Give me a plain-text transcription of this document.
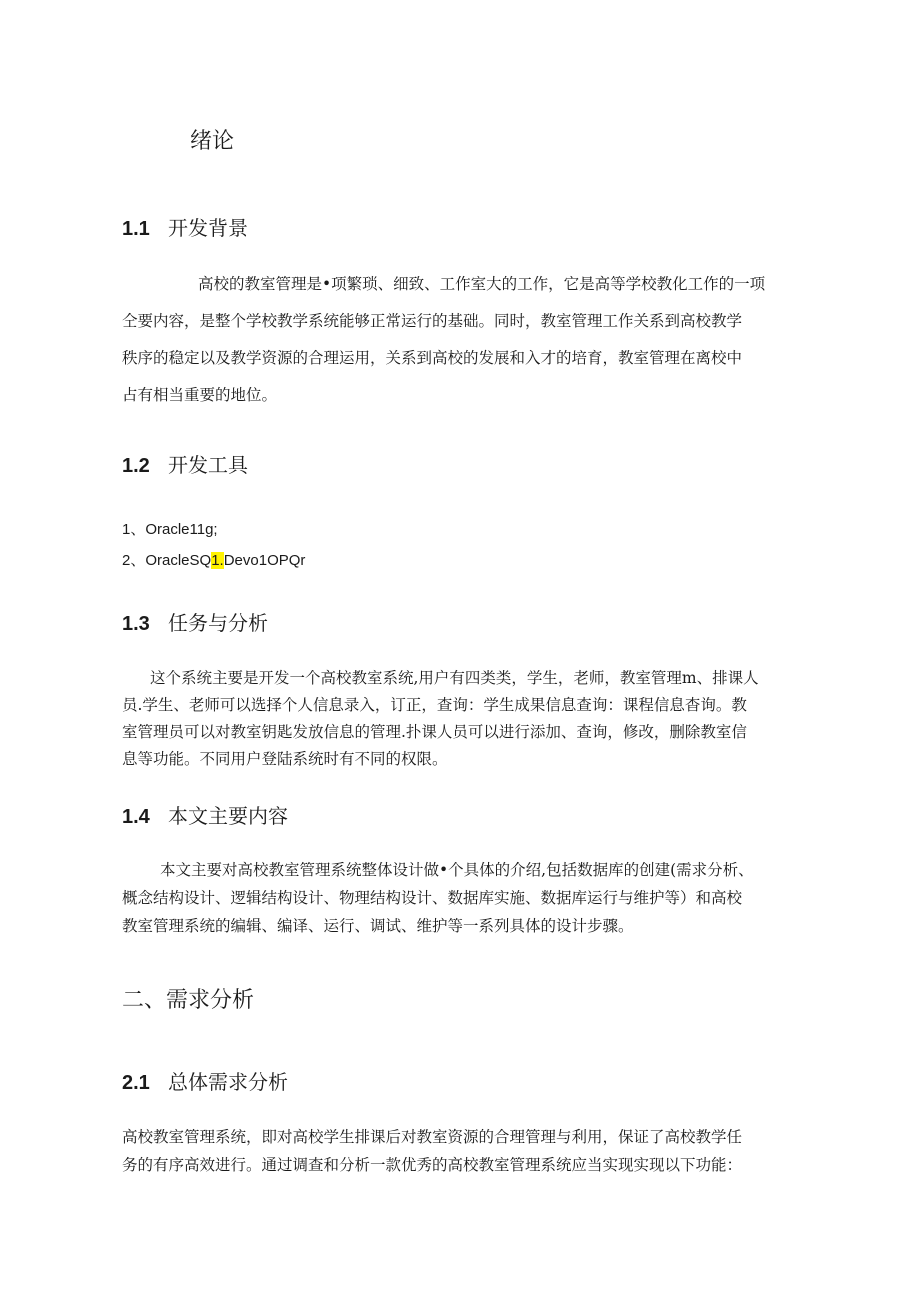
绪论
1.1 开发背景
高校的教室管理是•项繁琐、细致、工作室大的工作，它是高等学校教化工作的一项
仝要内容，是整个学校教学系统能够正常运行的基础。同时，教室管理工作关系到高校教学
秩序的稳定以及教学资源的合理运用，关系到高校的发展和入才的培育，教室管理在离校中
占有相当重要的地位。
1.2 开发工具
1、Oracle11g;
2、OracleSQ1.Devo1OPQr
1.3 任务与分析
这个系统主要是开发一个高校教室系统,用户有四类类，学生，老师，教室管理m、排课人
员.学生、老师可以选择个人信息录入，订正，查询：学生成果信息查询：课程信息杳询。教
室管理员可以对教室钥匙发放信息的管理.扑课人员可以进行添加、查询，修改，删除教室信
息等功能。不同用户登陆系统时有不同的权限。
1.4 本文主要内容
本文主要对高校教室管理系统整体设计做•个具体的介绍,包括数据库的创建(需求分析、
概念结构设计、逻辑结构设计、物理结构设计、数据库实施、数据库运行与维护等）和高校
教室管理系统的编辑、编译、运行、调试、维护等一系列具体的设计步骤。
二、需求分析
2.1 总体需求分析
高校教室管理系统，即对高校学生排课后对教室资源的合理管理与利用，保证了高校教学任
务的有序高效进行。通过调查和分析一款优秀的高校教室管理系统应当实现实现以下功能：
